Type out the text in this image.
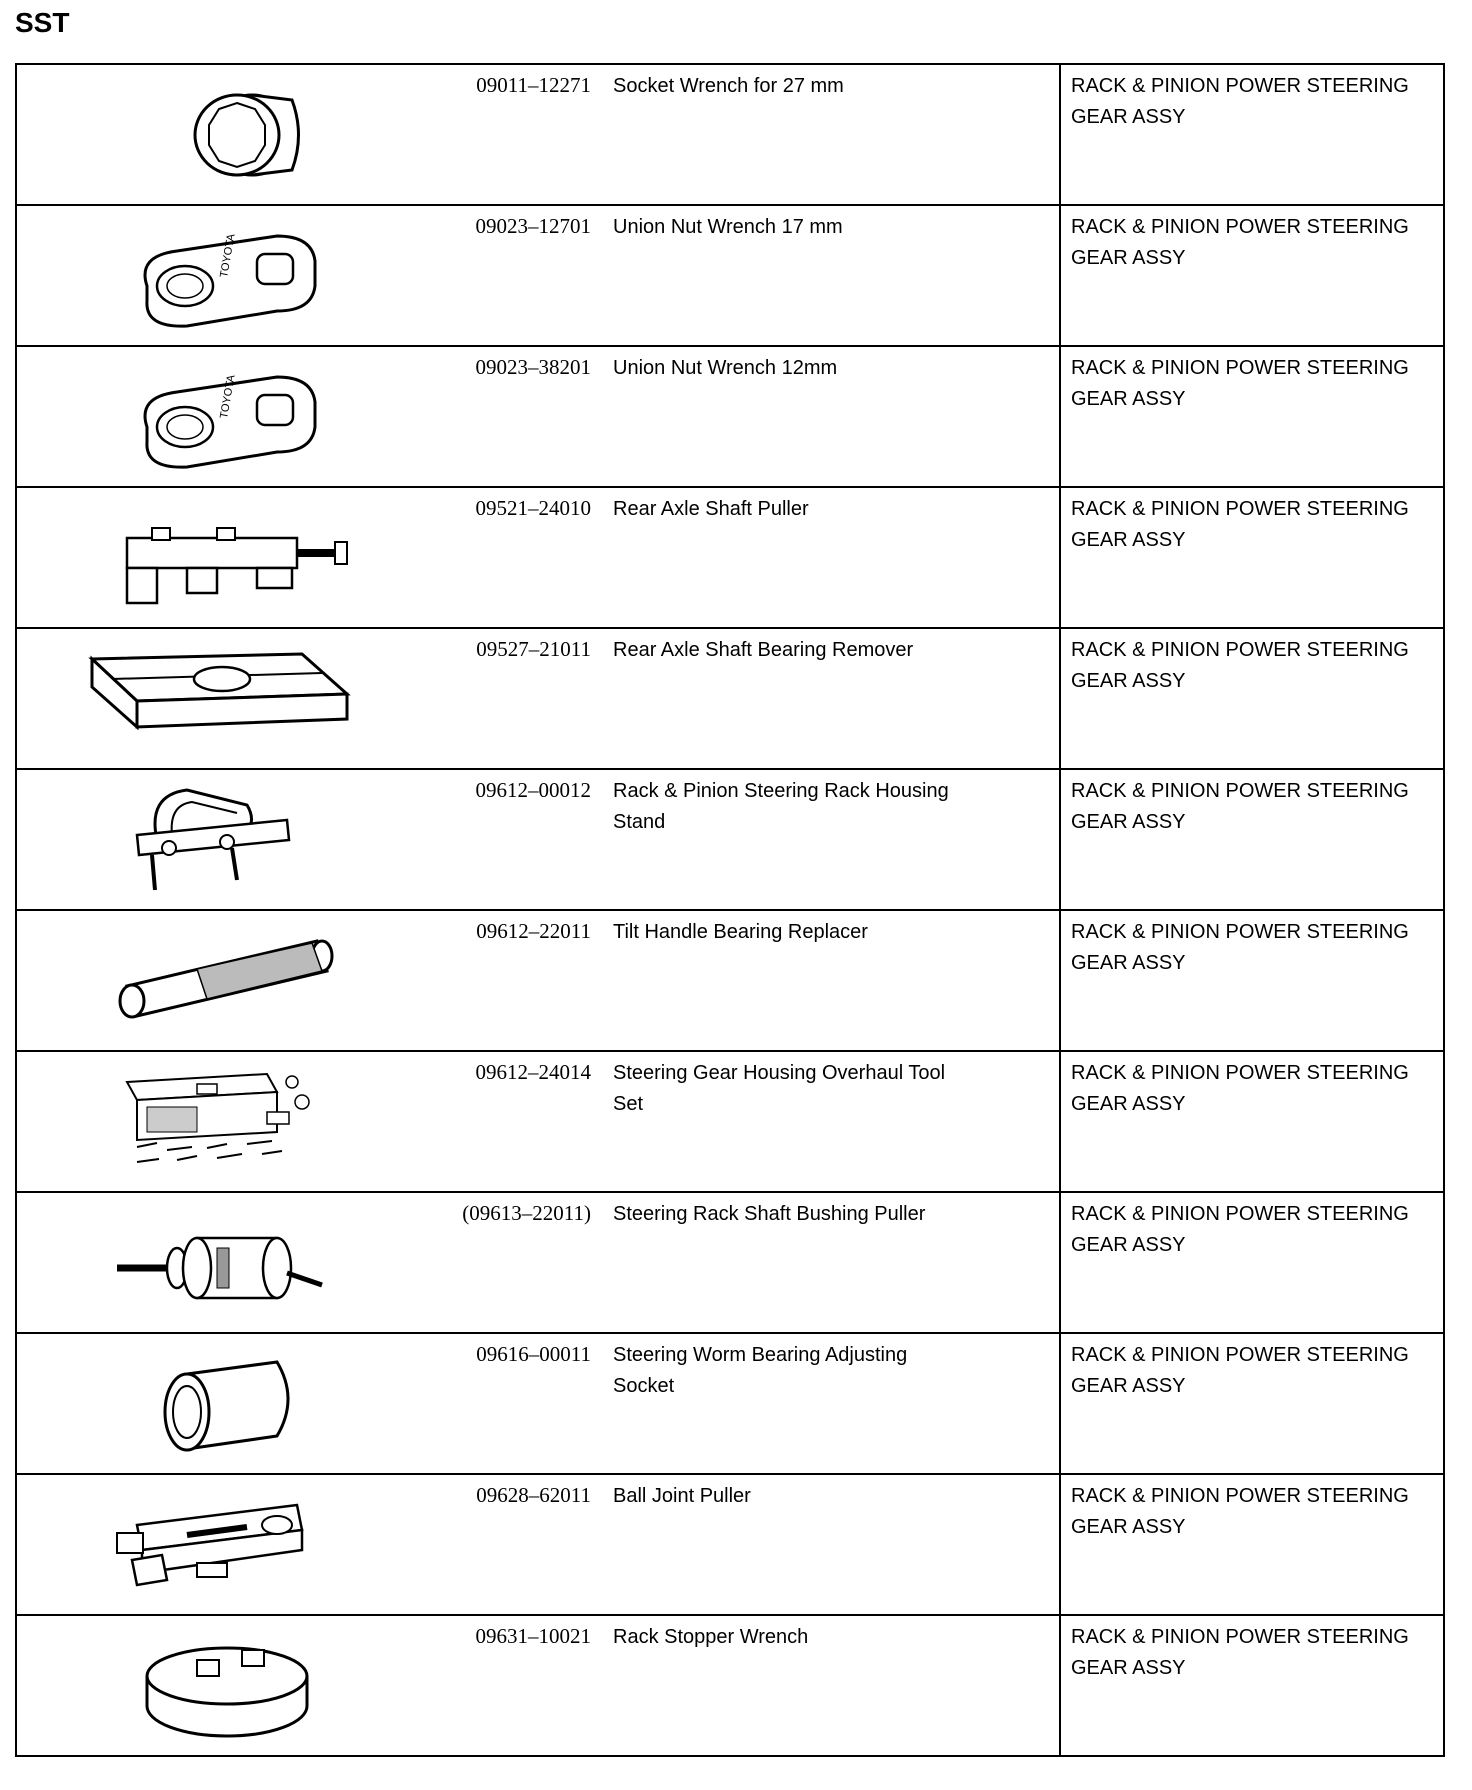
SST
09011–12271 Socket Wrench for 27 mm	RACK & PINION POWER STEERING GEAR ASSY

TOYOTA
09023–12701 Union Nut Wrench 17 mm	RACK & PINION POWER STEERING GEAR ASSY

TOYOTA
09023–38201 Union Nut Wrench 12mm	RACK & PINION POWER STEERING GEAR ASSY

09521–24010 Rear Axle Shaft Puller	RACK & PINION POWER STEERING GEAR ASSY

09527–21011 Rear Axle Shaft Bearing Remover	RACK & PINION POWER STEERING GEAR ASSY

09612–00012 Rack & Pinion Steering Rack Housing Stand	RACK & PINION POWER STEERING GEAR ASSY

09612–22011 Tilt Handle Bearing Replacer	RACK & PINION POWER STEERING GEAR ASSY

09612–24014 Steering Gear Housing Overhaul Tool Set	RACK & PINION POWER STEERING GEAR ASSY

(09613–22011) Steering Rack Shaft Bushing Puller	RACK & PINION POWER STEERING GEAR ASSY

09616–00011 Steering Worm Bearing Adjusting Socket	RACK & PINION POWER STEERING GEAR ASSY

09628–62011 Ball Joint Puller	RACK & PINION POWER STEERING GEAR ASSY

09631–10021 Rack Stopper Wrench	RACK & PINION POWER STEERING GEAR ASSY
